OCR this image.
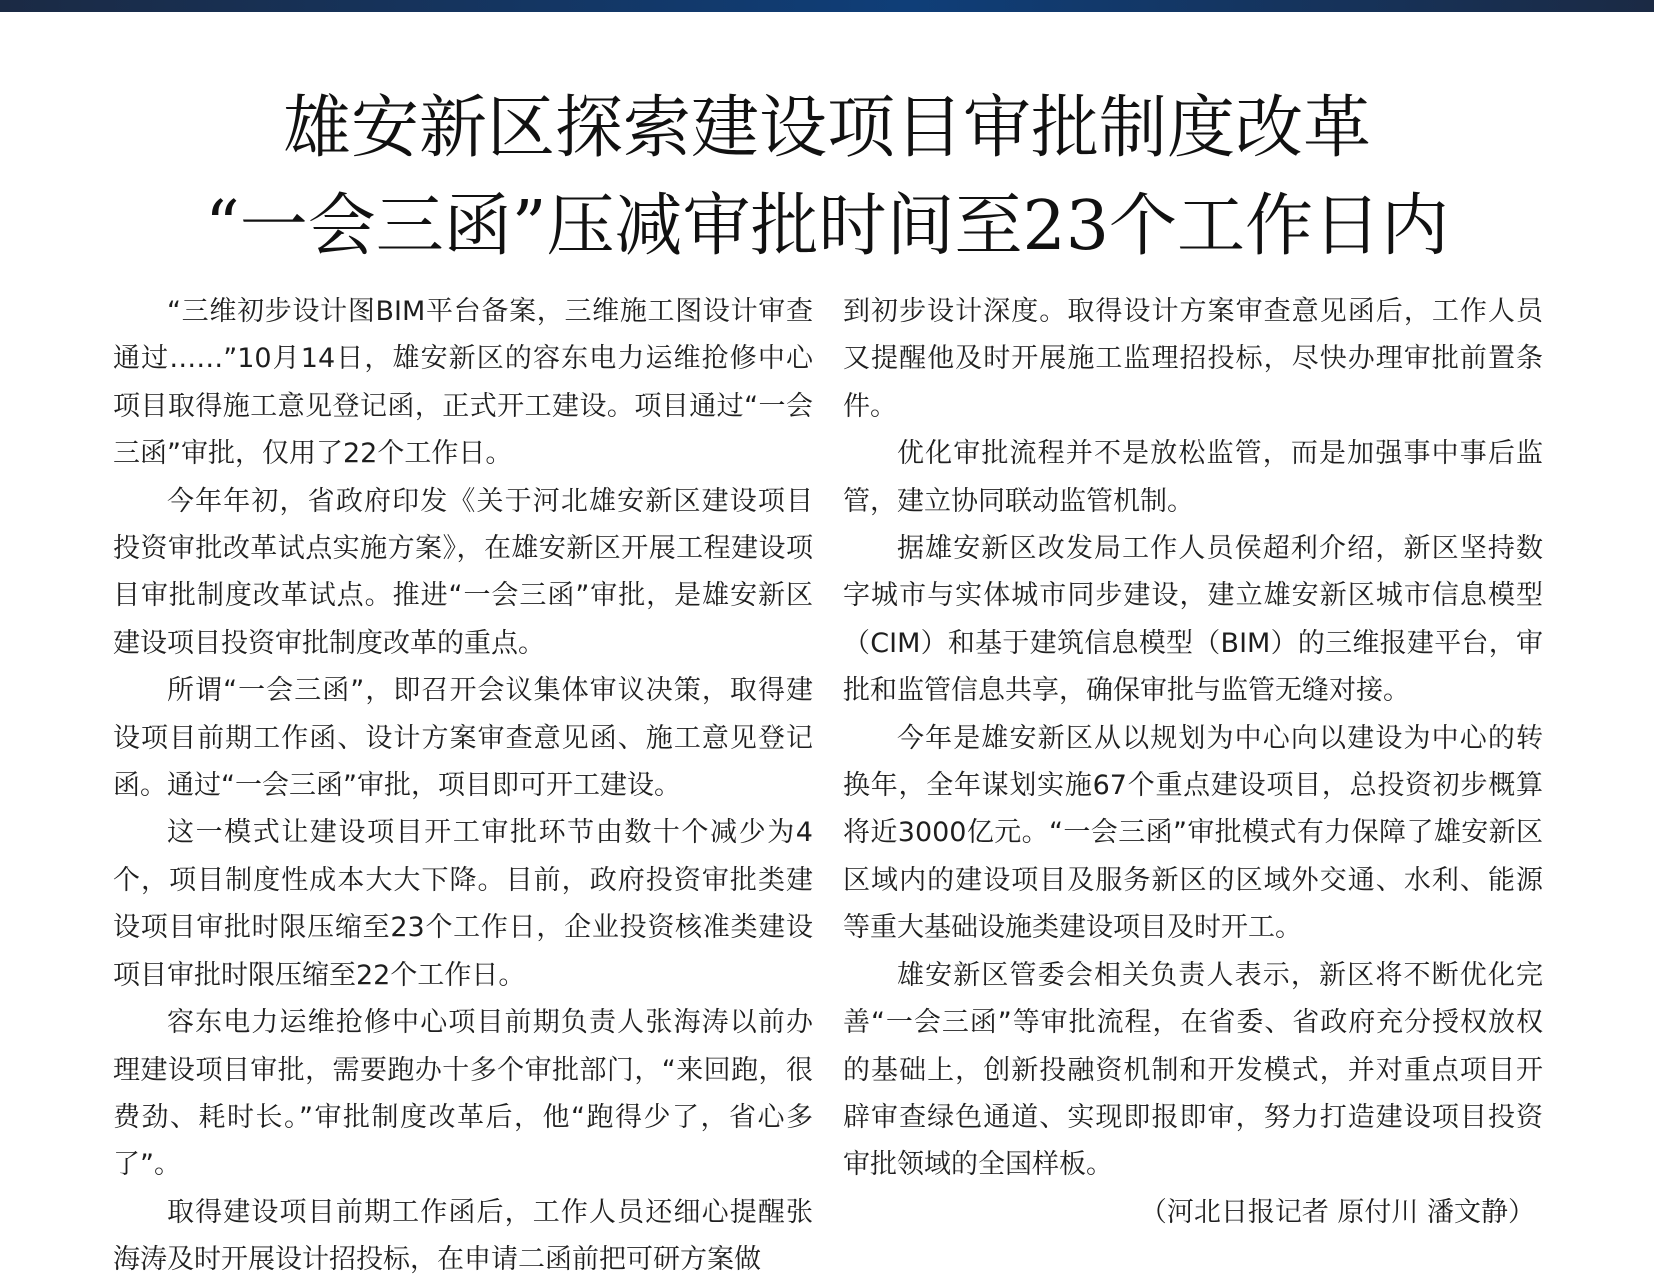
雄安新区探索建设项目审批制度改革
“一会三函”压减审批时间至23个工作日内

“三维初步设计图BIM平台备案，三维施工图设计审查通过……”10月14日，雄安新区的容东电力运维抢修中心项目取得施工意见登记函，正式开工建设。项目通过“一会三函”审批，仅用了22个工作日。

今年年初，省政府印发《关于河北雄安新区建设项目投资审批改革试点实施方案》，在雄安新区开展工程建设项目审批制度改革试点。推进“一会三函”审批，是雄安新区建设项目投资审批制度改革的重点。

所谓“一会三函”，即召开会议集体审议决策，取得建设项目前期工作函、设计方案审查意见函、施工意见登记函。通过“一会三函”审批，项目即可开工建设。

这一模式让建设项目开工审批环节由数十个减少为4个，项目制度性成本大大下降。目前，政府投资审批类建设项目审批时限压缩至23个工作日，企业投资核准类建设项目审批时限压缩至22个工作日。

容东电力运维抢修中心项目前期负责人张海涛以前办理建设项目审批，需要跑办十多个审批部门，“来回跑，很费劲、耗时长。”审批制度改革后，他“跑得少了，省心多了”。

取得建设项目前期工作函后，工作人员还细心提醒张海涛及时开展设计招投标，在申请二函前把可研方案做

到初步设计深度。取得设计方案审查意见函后，工作人员又提醒他及时开展施工监理招投标，尽快办理审批前置条件。

优化审批流程并不是放松监管，而是加强事中事后监管，建立协同联动监管机制。

据雄安新区改发局工作人员侯超利介绍，新区坚持数字城市与实体城市同步建设，建立雄安新区城市信息模型（CIM）和基于建筑信息模型（BIM）的三维报建平台，审批和监管信息共享，确保审批与监管无缝对接。

今年是雄安新区从以规划为中心向以建设为中心的转换年，全年谋划实施67个重点建设项目，总投资初步概算将近3000亿元。“一会三函”审批模式有力保障了雄安新区区域内的建设项目及服务新区的区域外交通、水利、能源等重大基础设施类建设项目及时开工。

雄安新区管委会相关负责人表示，新区将不断优化完善“一会三函”等审批流程，在省委、省政府充分授权放权的基础上，创新投融资机制和开发模式，并对重点项目开辟审查绿色通道、实现即报即审，努力打造建设项目投资审批领域的全国样板。

（河北日报记者 原付川 潘文静）
